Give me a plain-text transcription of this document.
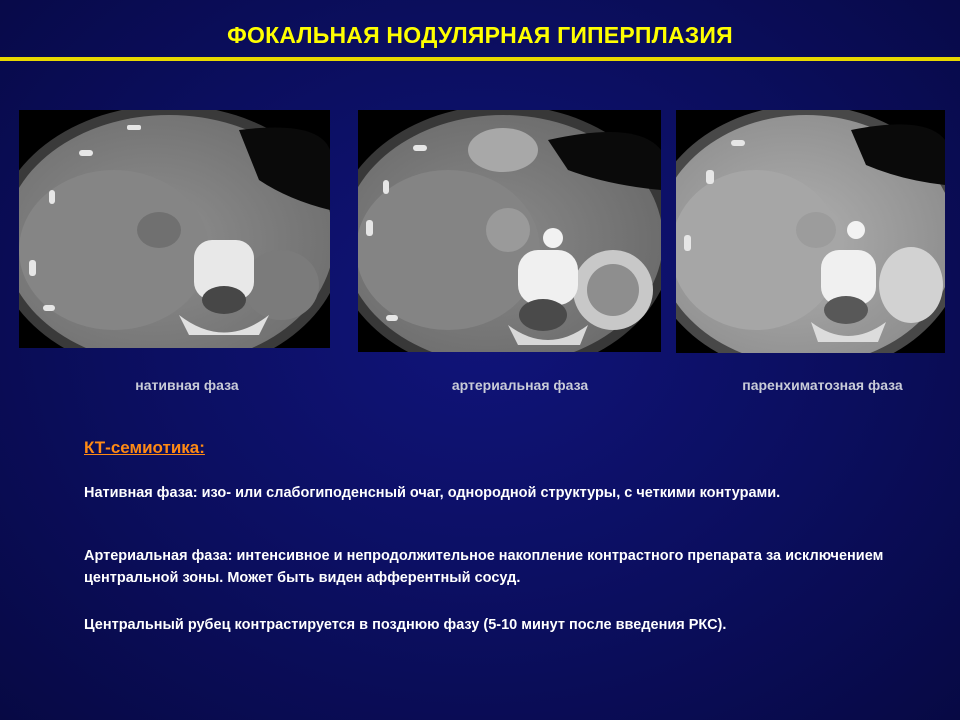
ФОКАЛЬНАЯ НОДУЛЯРНАЯ ГИПЕРПЛАЗИЯ
нативная фаза	артериальная фаза	паренхиматозная фаза
КТ-семиотика:
Нативная фаза: изо- или слабогиподенсный очаг, однородной структуры, с четкими контурами.
Артериальная фаза: интенсивное и непродолжительное накопление контрастного препарата за исключением центральной зоны. Может быть виден афферентный сосуд.
Центральный рубец контрастируется в позднюю фазу (5-10 минут после введения РКС).
